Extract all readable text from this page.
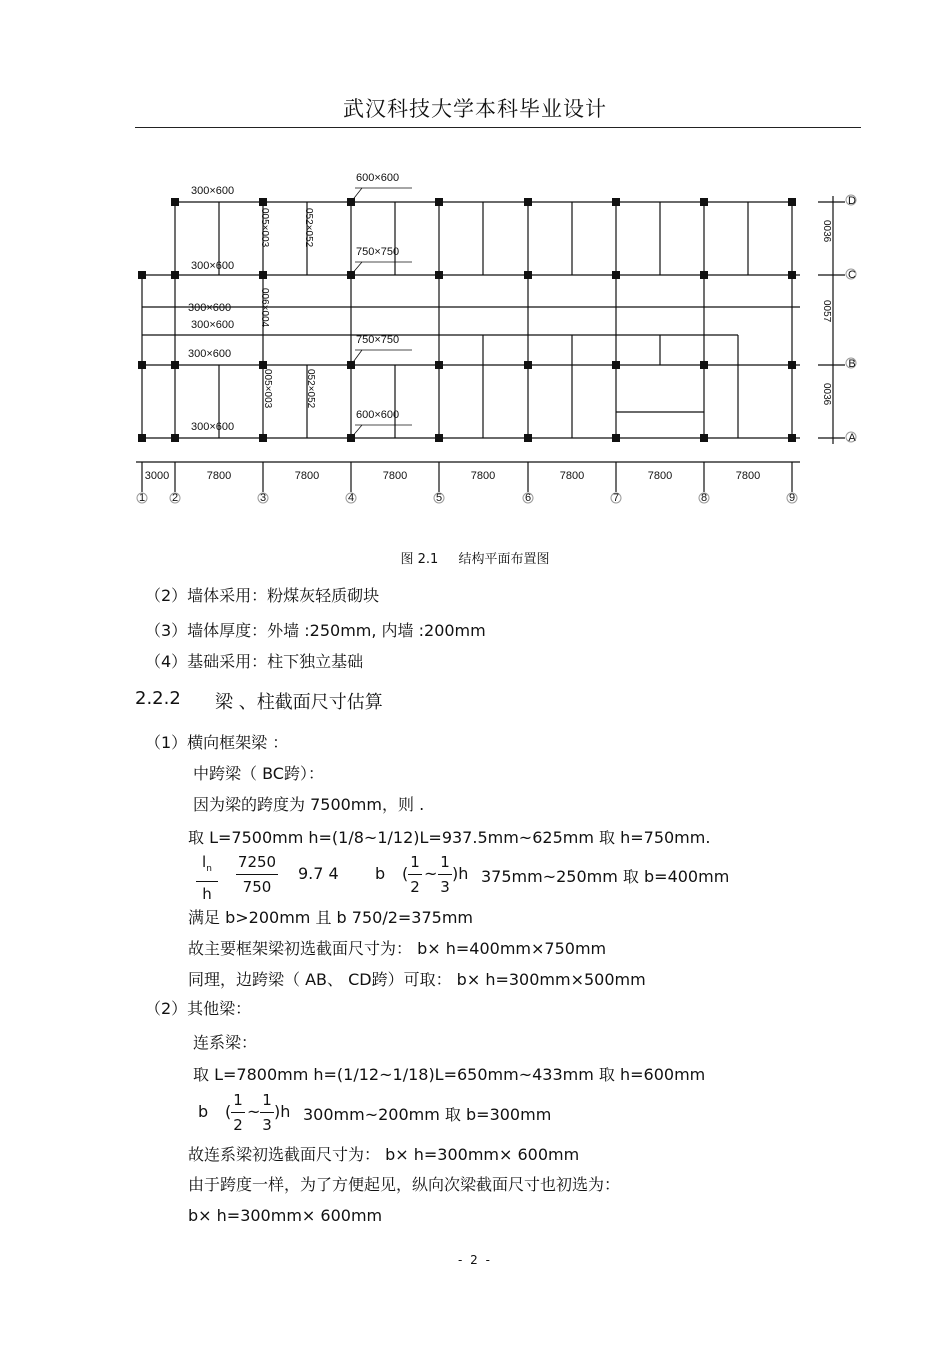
武汉科技大学本科毕业设计
300×600
300×600
300×600
300×600
300×600
300×600
600×600
750×750
750×750
600×600
005×003	052×052
006×004
005×003	052×052
0036
0057
0036
D
C
B
A
3000	7800	7800	7800	7800	7800	7800	7800
1 2	3	4	5	6	7	8	9
图 2.1 结构平面布置图
（2）墙体采用：粉煤灰轻质砌块
（3）墙体厚度：外墙 :250mm, 内墙 :200mm
（4）基础采用：柱下独立基础
2.2.2 梁 、柱截面尺寸估算
（1）横向框架梁 ：
中跨梁（ BC跨）：
因为梁的跨度为 7500mm，则 .
取 L=7500mm h=(1/8~1/12)L=937.5mm~625mm 取 h=750mm.
$l_n$
h
7250
750
9.7 4 b (
1
2
~
1
3
)h 375mm~250mm 取 b=400mm
满足 b>200mm 且 b 750/2=375mm
故主要框架梁初选截面尺寸为： b× h=400mm×750mm
同理，边跨梁（ AB、 CD跨）可取： b× h=300mm×500mm
（2）其他梁：
连系梁：
取 L=7800mm h=(1/12~1/18)L=650mm~433mm 取 h=600mm
b (
1
2
~
1
3
)h 300mm~200mm 取 b=300mm
故连系梁初选截面尺寸为： b× h=300mm× 600mm
由于跨度一样，为了方便起见，纵向次梁截面尺寸也初选为：
b× h=300mm× 600mm
- 2 -
